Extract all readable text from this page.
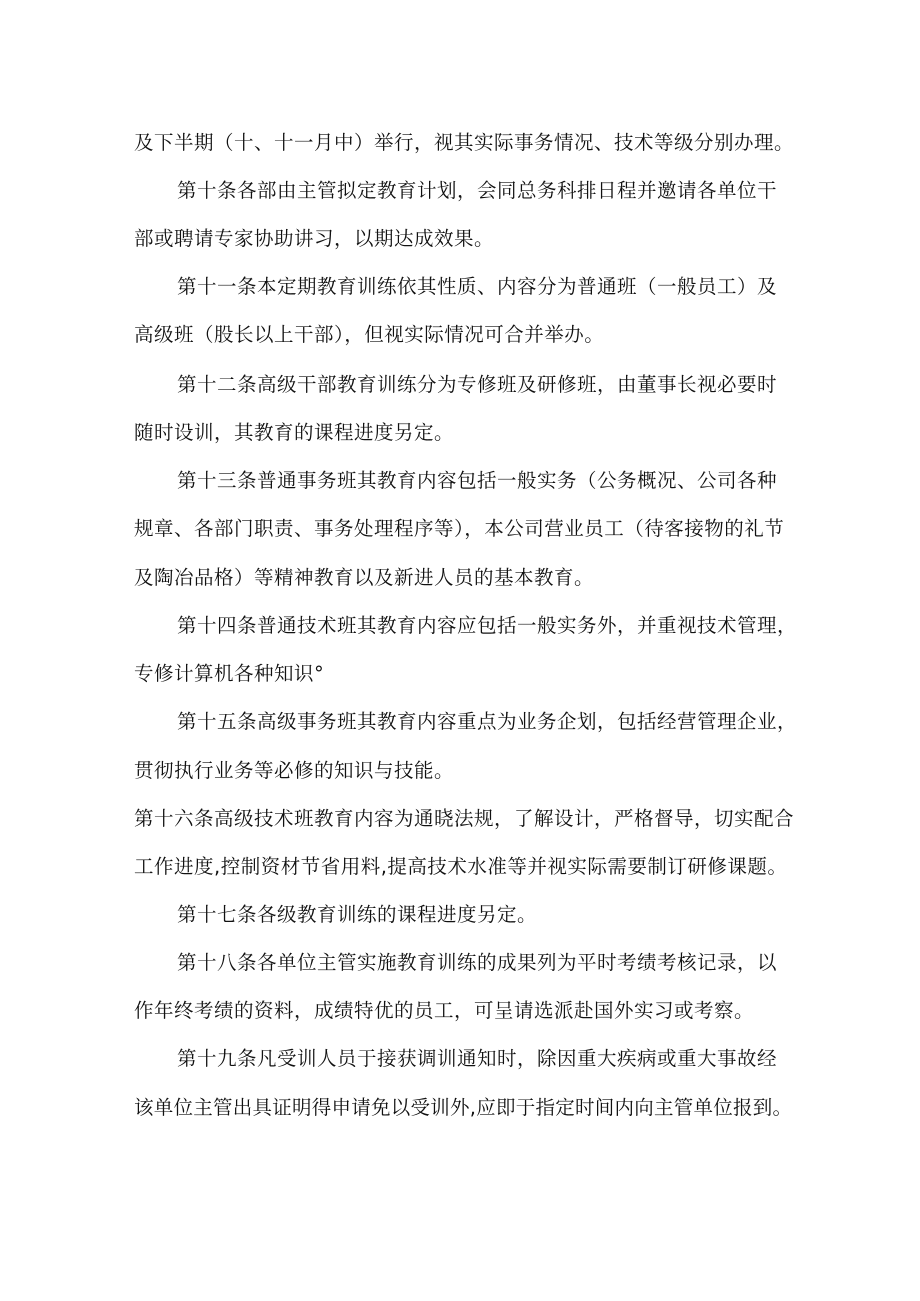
及下半期（十、十一月中）举行，视其实际事务情况、技术等级分别办理。
第十条各部由主管拟定教育计划，会同总务科排日程并邀请各单位干
部或聘请专家协助讲习，以期达成效果。
第十一条本定期教育训练依其性质、内容分为普通班（一般员工）及
高级班（股长以上干部），但视实际情况可合并举办。
第十二条高级干部教育训练分为专修班及研修班，由董事长视必要时
随时设训，其教育的课程进度另定。
第十三条普通事务班其教育内容包括一般实务（公务概况、公司各种
规章、各部门职责、事务处理程序等），本公司营业员工（待客接物的礼节
及陶冶品格）等精神教育以及新进人员的基本教育。
第十四条普通技术班其教育内容应包括一般实务外，并重视技术管理，
专修计算机各种知识°
第十五条高级事务班其教育内容重点为业务企划，包括经营管理企业，
贯彻执行业务等必修的知识与技能。
第十六条高级技术班教育内容为通晓法规，了解设计，严格督导，切实配合
工作进度,控制资材节省用料,提高技术水准等并视实际需要制订研修课题。
第十七条各级教育训练的课程进度另定。
第十八条各单位主管实施教育训练的成果列为平时考绩考核记录，以
作年终考绩的资料，成绩特优的员工，可呈请选派赴国外实习或考察。
第十九条凡受训人员于接获调训通知时，除因重大疾病或重大事故经
该单位主管出具证明得申请免以受训外,应即于指定时间内向主管单位报到。
